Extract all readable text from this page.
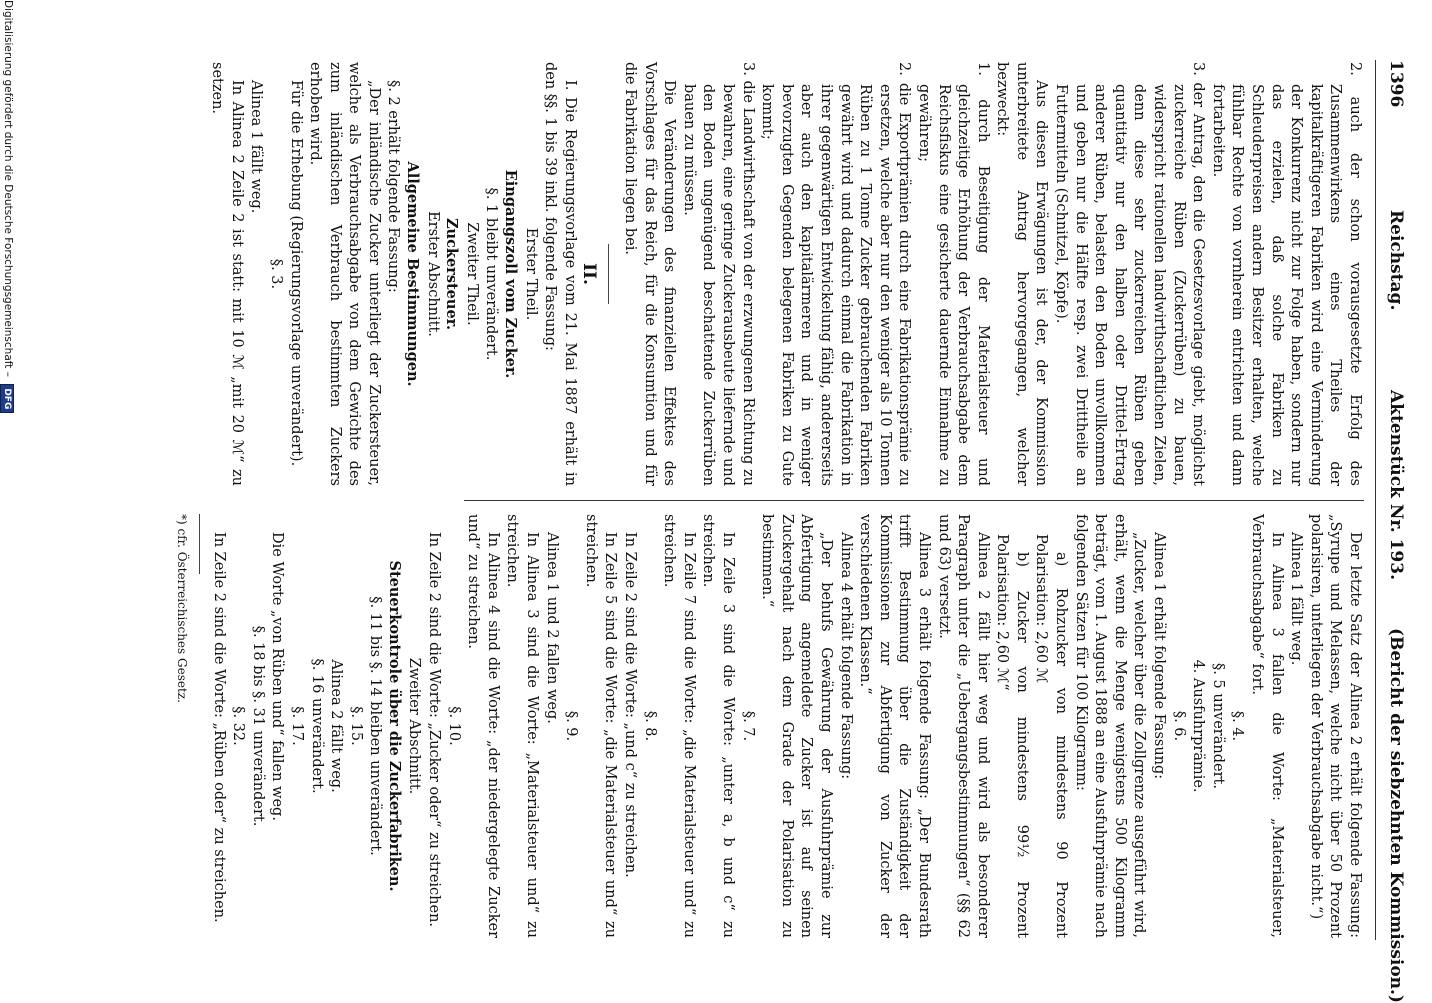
1396
Reichstag.
Aktenstück Nr. 193.
(Bericht der siebzehnten Kommission.)

2. auch der schon vorausgesetzte Erfolg des Zusammenwirkens eines Theiles der kapitalkräftigeren Fabriken wird eine Verminderung der Konkurrenz nicht zur Folge haben, sondern nur das erzielen, daß solche Fabriken zu Schleuderpreisen andern Besitzer erhalten, welche fühlbar Rechte von vornherein entrichten und dann fortarbeiten.

3. der Antrag, den die Gesetzesvorlage giebt, möglichst zuckerreiche Rüben (Zuckerrüben) zu bauen, widerspricht rationellen landwirthschaftlichen Zielen, denn diese sehr zuckerreichen Rüben geben quantitativ nur den halben oder Drittel-Ertrag anderer Rüben, belasten den Boden unvollkommen und geben nur die Hälfte resp. zwei Drittheile an Futtermitteln (Schnitzel, Köpfe).

Aus diesen Erwägungen ist der, der Kommission unterbreitete Antrag hervorgegangen, welcher bezweckt:

1. durch Beseitigung der Materialsteuer und gleichzeitige Erhöhung der Verbrauchsabgabe dem Reichsfiskus eine gesicherte dauernde Einnahme zu gewähren;

2. die Exportprämien durch eine Fabrikationsprämie zu ersetzen, welche aber nur den weniger als 10 Tonnen Rüben zu 1 Tonne Zucker gebrauchenden Fabriken gewährt wird und dadurch einmal die Fabrikation in ihrer gegenwärtigen Entwickelung fähig, andererseits aber auch den kapitalärmeren und in weniger bevorzugten Gegenden belegenen Fabriken zu Gute kommt;

3. die Landwirthschaft von der erzwungenen Richtung zu bewahren, eine geringe Zuckerausbeute liefernde und den Boden ungenügend beschattende Zuckerrüben bauen zu müssen.

Die Veränderungen des finanziellen Effektes des Vorschlages für das Reich, für die Konsumtion und für die Fabrikation liegen bei.

II.

I. Die Regierungsvorlage vom 21. Mai 1887 erhält in den §§. 1 bis 39 inkl. folgende Fassung:

Erster Theil.

Eingangszoll vom Zucker.

§. 1 bleibt unverändert.

Zweiter Theil.

Zuckersteuer.

Erster Abschnitt.

Allgemeine Bestimmungen.

§. 2 erhält folgende Fassung:

„Der inländische Zucker unterliegt der Zuckersteuer, welche als Verbrauchsabgabe von dem Gewichte des zum inländischen Verbrauch bestimmten Zuckers erhoben wird.

Für die Erhebung (Regierungsvorlage unverändert).

§. 3.

Alinea 1 fällt weg.

In Alinea 2 Zeile 2 ist statt: mit 10 ℳ „mit 20 ℳ“ zu setzen.

Der letzte Satz der Alinea 2 erhält folgende Fassung: „Syrupe und Melassen, welche nicht über 50 Prozent polarisiren, unterliegen der Verbrauchsabgabe nicht.“)

Alinea 1 fällt weg.

In Alinea 3 fallen die Worte: „Materialsteuer, Verbrauchsabgabe“ fort.

§. 4.

§. 5 unverändert.

4. Ausfuhrprämie.

§. 6.

Alinea 1 erhält folgende Fassung:

„Zucker, welcher über die Zollgrenze ausgeführt wird, erhält, wenn die Menge wenigstens 500 Kilogramm beträgt, vom 1. August 1888 an eine Ausfuhrprämie nach folgenden Sätzen für 100 Kilogramm:

a) Rohzucker von mindestens 90 Prozent Polarisation: 2,60 ℳ

b) Zucker von mindestens 99½ Prozent Polarisation: 2,60 ℳ“

Alinea 2 fällt hier weg und wird als besonderer Paragraph unter die „Uebergangsbestimmungen“ (§§ 62 und 63) versetzt.

Alinea 3 erhält folgende Fassung: „Der Bundesrath trifft Bestimmung über die Zuständigkeit der Kommissionen zur Abfertigung von Zucker der verschiedenen Klassen.“

Alinea 4 erhält folgende Fassung:

„Der behufs Gewährung der Ausfuhrprämie zur Abfertigung angemeldete Zucker ist auf seinen Zuckergehalt nach dem Grade der Polarisation zu bestimmen.“

§. 7.

In Zeile 3 sind die Worte: „unter a, b und c“ zu streichen.

In Zeile 7 sind die Worte: „die Materialsteuer und“ zu streichen.

§. 8.

In Zeile 2 sind die Worte: „und c“ zu streichen.

In Zeile 5 sind die Worte: „die Materialsteuer und“ zu streichen.

§. 9.

Alinea 1 und 2 fallen weg.

In Alinea 3 sind die Worte: „Materialsteuer und“ zu streichen.

In Alinea 4 sind die Worte: „der niedergelegte Zucker und“ zu streichen.

§. 10.

In Zeile 2 sind die Worte: „Zucker oder“ zu streichen.

Zweiter Abschnitt.

Steuerkontrole über die Zuckerfabriken.

§. 11 bis §. 14 bleiben unverändert.

§. 15.

Alinea 2 fällt weg.

§. 16 unverändert.

§. 17.

Die Worte „von Rüben und“ fallen weg.

§. 18 bis §. 31 unverändert.

§. 32.

In Zeile 2 sind die Worte: „Rüben oder“ zu streichen.

*) cfr. Österreichisches Gesetz.

Digitalisierung gefördert durch die Deutsche Forschungsgemeinschaft – DFG
